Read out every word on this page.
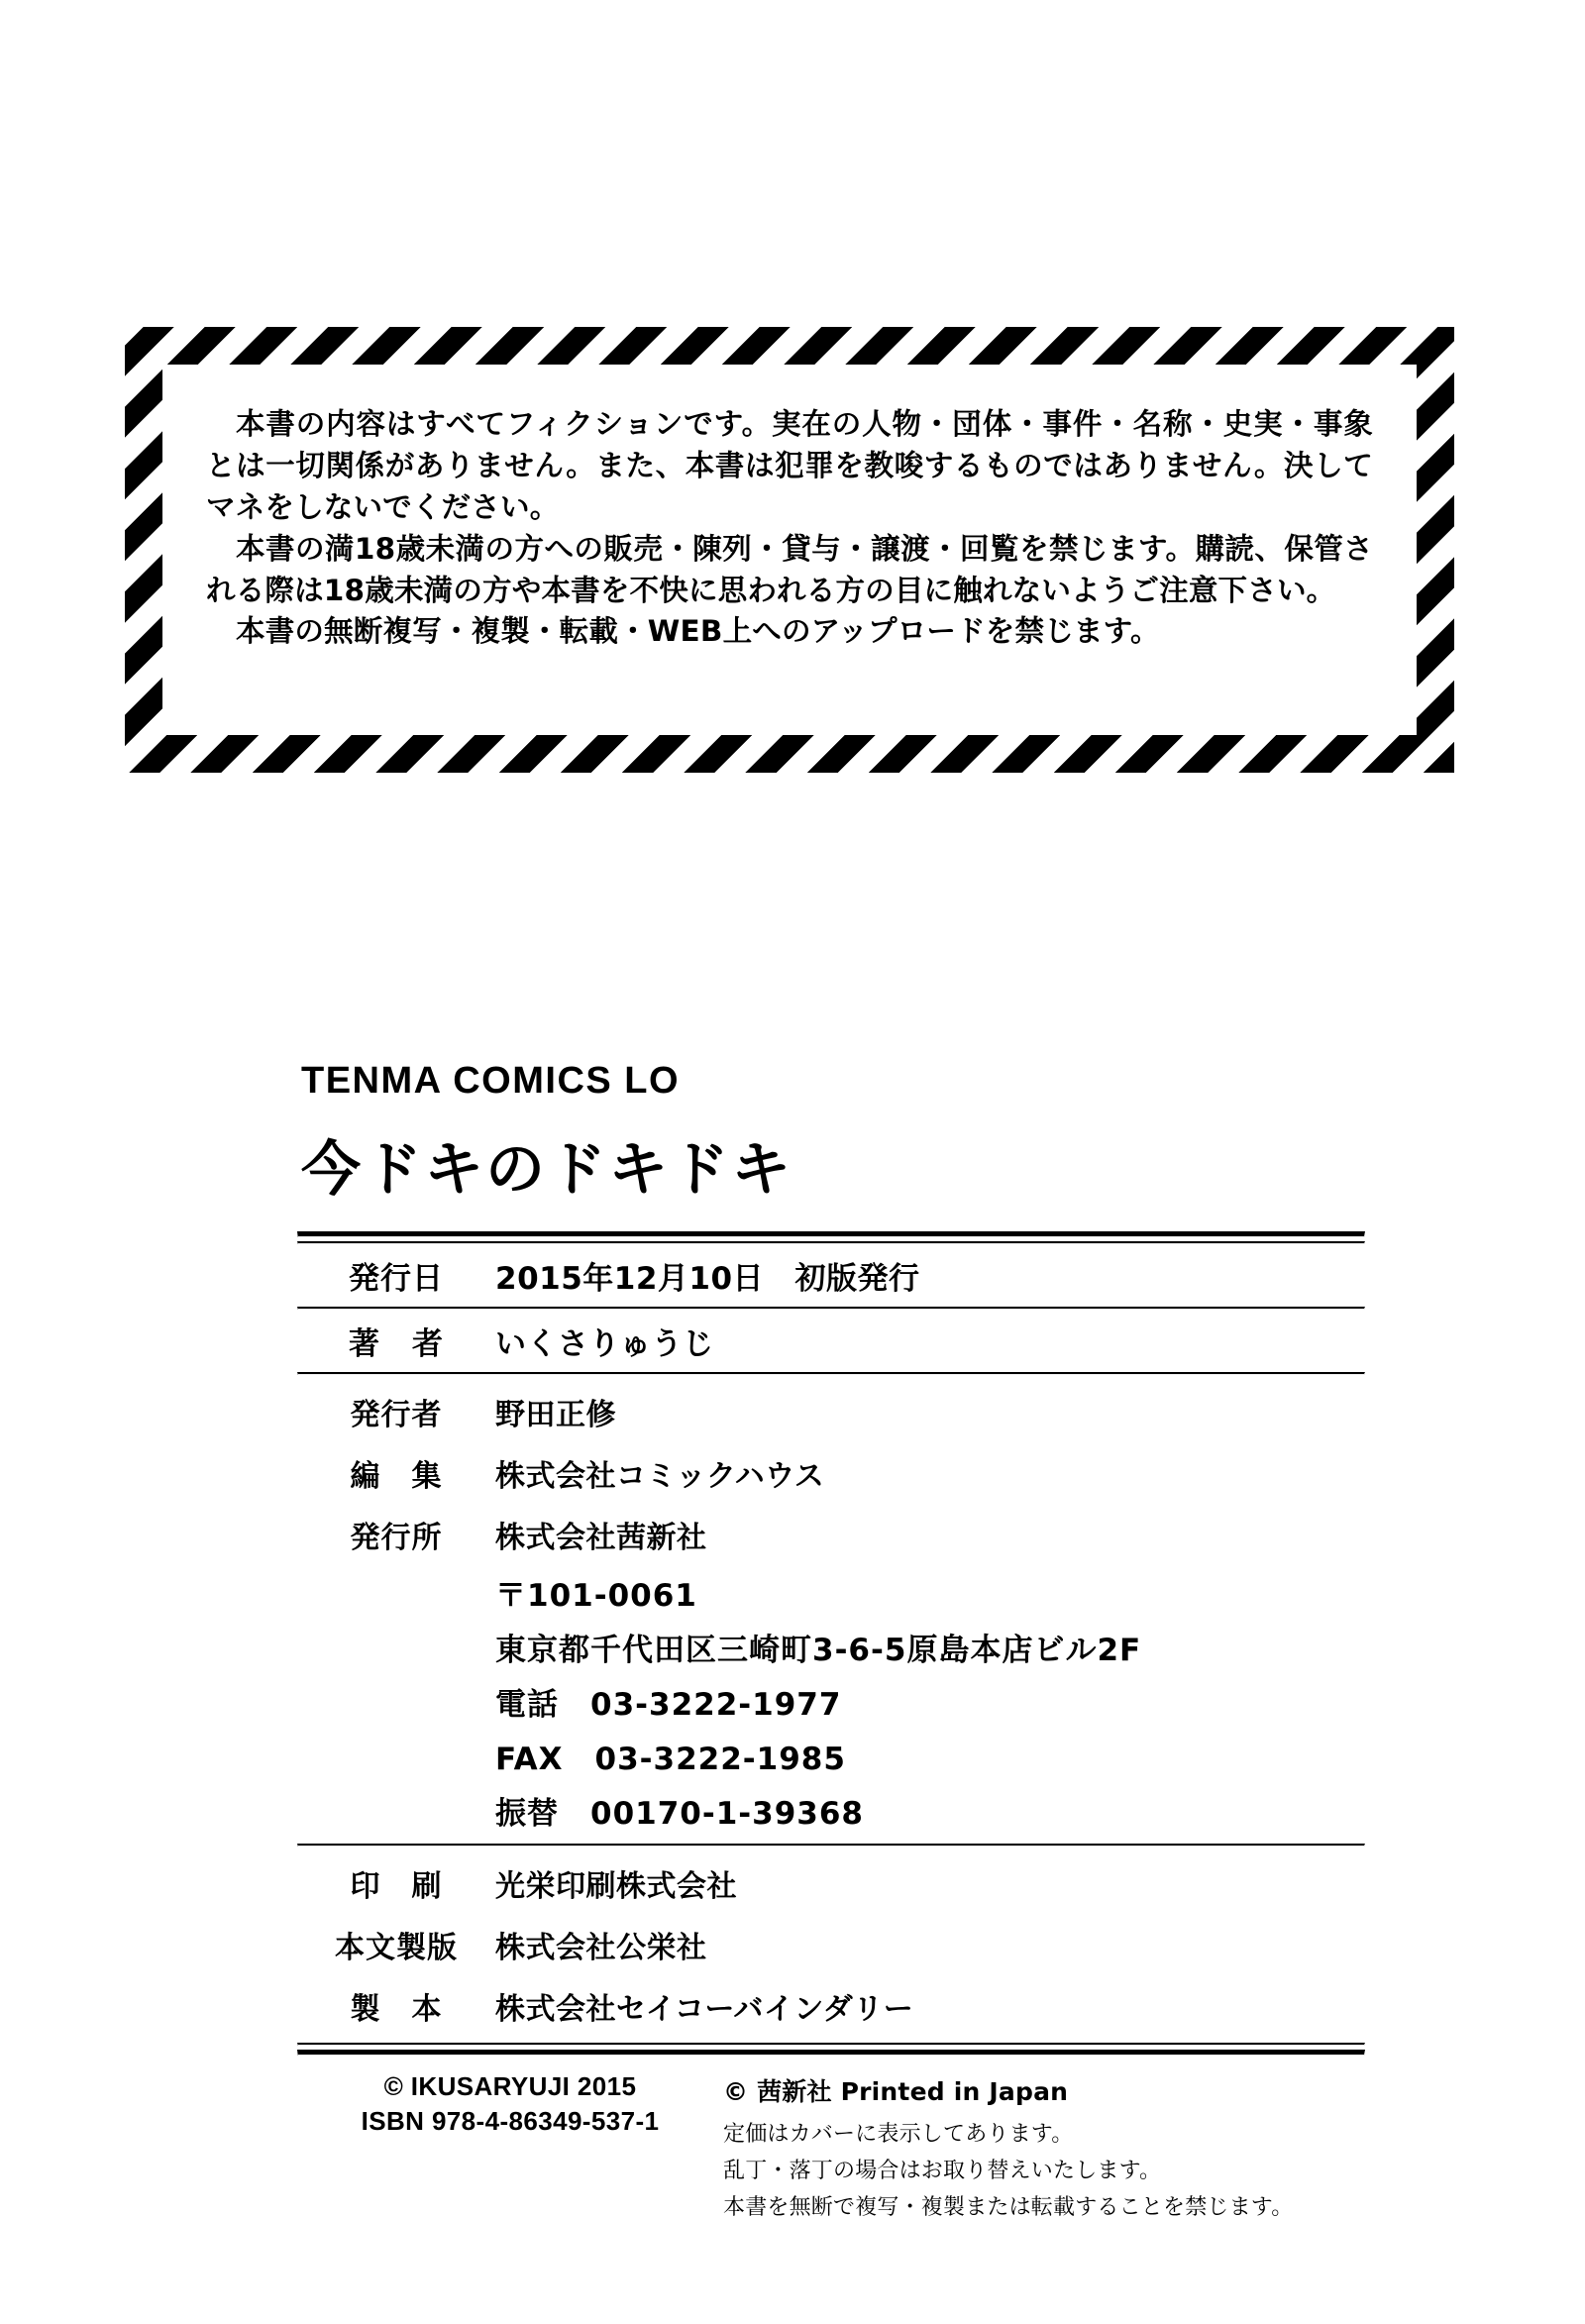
本書の内容はすべてフィクションです。実在の人物・団体・事件・名称・史実・事象とは一切関係がありません。また、本書は犯罪を教唆するものではありません。決してマネをしないでください。

本書の満18歳未満の方への販売・陳列・貸与・譲渡・回覧を禁じます。購読、保管される際は18歳未満の方や本書を不快に思われる方の目に触れないようご注意下さい。

本書の無断複写・複製・転載・WEB上へのアップロードを禁じます。

TENMA COMICS LO
今ドキのドキドキ
発行日	2015年12月10日　初版発行
著　者	いくさりゅうじ
発行者	野田正修
編　集	株式会社コミックハウス
発行所	株式会社茜新社
〒101-0061
東京都千代田区三崎町3-6-5原島本店ビル2F
電話　03-3222-1977
FAX　03-3222-1985
振替　00170-1-39368
印　刷	光栄印刷株式会社
本文製版	株式会社公栄社
製　本	株式会社セイコーバインダリー
© IKUSARYUJI 2015
ISBN 978-4-86349-537-1
© 茜新社 Printed in Japan
定価はカバーに表示してあります。
乱丁・落丁の場合はお取り替えいたします。
本書を無断で複写・複製または転載することを禁じます。
